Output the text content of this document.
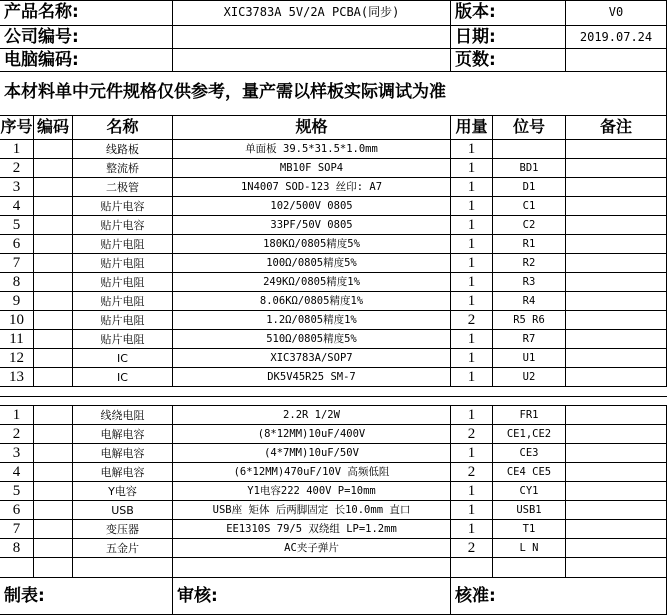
产品名称:	XIC3783A 5V/2A PCBA(同步)	版本:	V0
公司编号:	日期:	2019.07.24
电脑编码:	页数:
本材料单中元件规格仅供参考，量产需以样板实际调试为准
序号 编码	名称	规格	用量	位号	备注
1	线路板	单面板 39.5*31.5*1.0mm	1
2	整流桥	MB10F SOP4	1	BD1
3	二极管	1N4007 SOD-123 丝印: A7	1	D1
4	贴片电容	102/500V 0805	1	C1
5	贴片电容	33PF/50V 0805	1	C2
6	贴片电阻	180KΩ/0805精度5%	1	R1
7	贴片电阻	100Ω/0805精度5%	1	R2
8	贴片电阻	249KΩ/0805精度1%	1	R3
9	贴片电阻	8.06KΩ/0805精度1%	1	R4
10	贴片电阻	1.2Ω/0805精度1%	2	R5 R6
11	贴片电阻	510Ω/0805精度5%	1	R7
12	IC	XIC3783A/SOP7	1	U1
13	IC	DK5V45R25 SM-7	1	U2
1	线绕电阻	2.2R 1/2W	1	FR1
2	电解电容	(8*12MM)10uF/400V	2	CE1,CE2
3	电解电容	(4*7MM)10uF/50V	1	CE3
4	电解电容	(6*12MM)470uF/10V 高频低阻	2	CE4 CE5
5	Y电容	Y1电容222 400V P=10mm	1	CY1
6	USB	USB座 矩体 后两脚固定 长10.0mm 直口	1	USB1
7	变压器	EE1310S 79/5 双绕组 LP=1.2mm	1	T1
8	五金片	AC夹子弹片	2	L N
制表:	审核:	核准:
